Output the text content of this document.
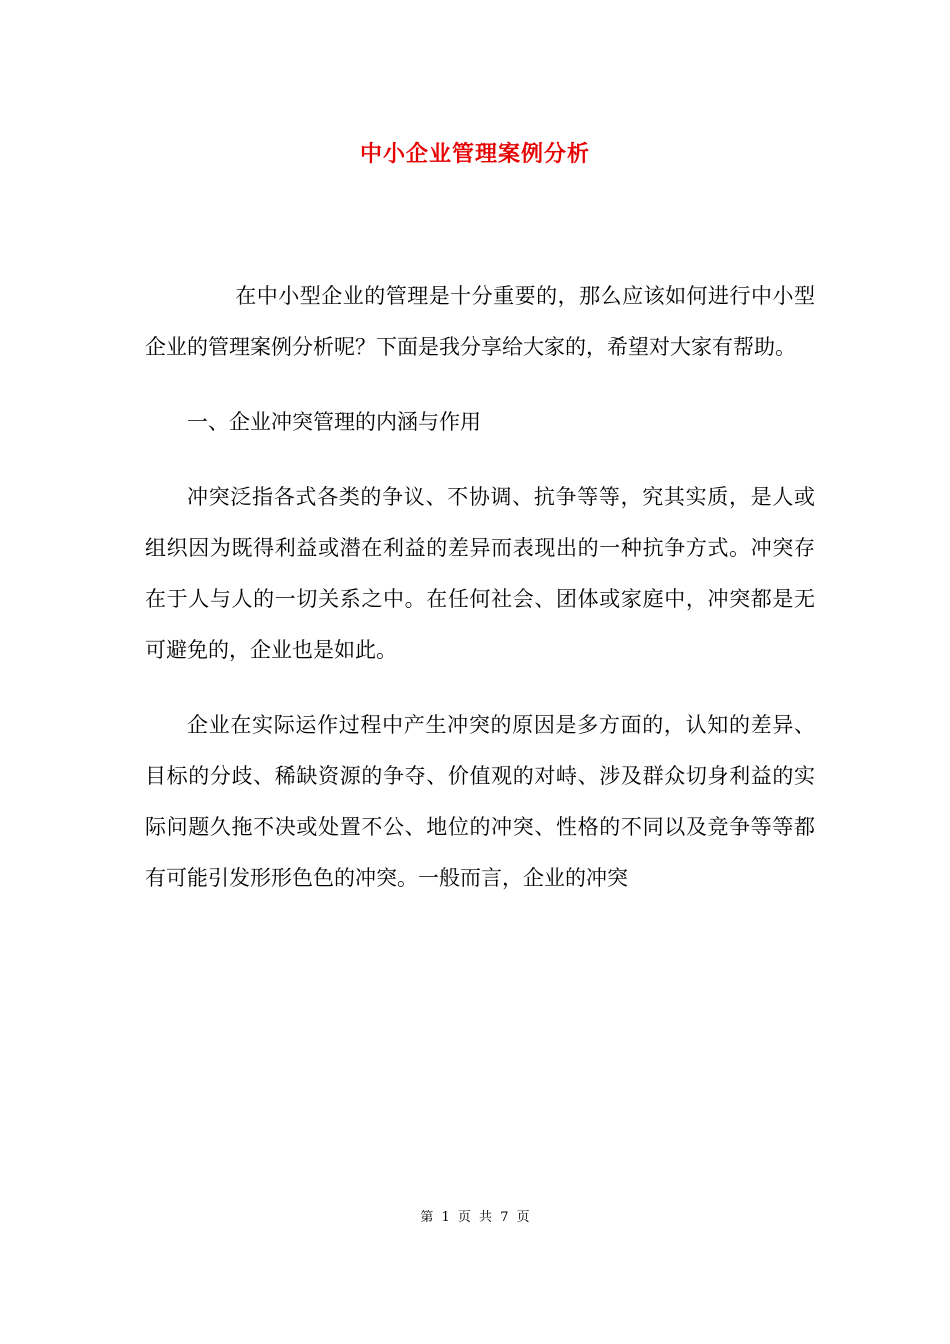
中小企业管理案例分析

在中小型企业的管理是十分重要的，那么应该如何进行中小型企业的管理案例分析呢？下面是我分享给大家的，希望对大家有帮助。

一、企业冲突管理的内涵与作用

冲突泛指各式各类的争议、不协调、抗争等等，究其实质，是人或组织因为既得利益或潜在利益的差异而表现出的一种抗争方式。冲突存在于人与人的一切关系之中。在任何社会、团体或家庭中，冲突都是无可避免的，企业也是如此。

企业在实际运作过程中产生冲突的原因是多方面的，认知的差异、目标的分歧、稀缺资源的争夺、价值观的对峙、涉及群众切身利益的实际问题久拖不决或处置不公、地位的冲突、性格的不同以及竞争等等都有可能引发形形色色的冲突。一般而言，企业的冲突

第 1 页 共 7 页
